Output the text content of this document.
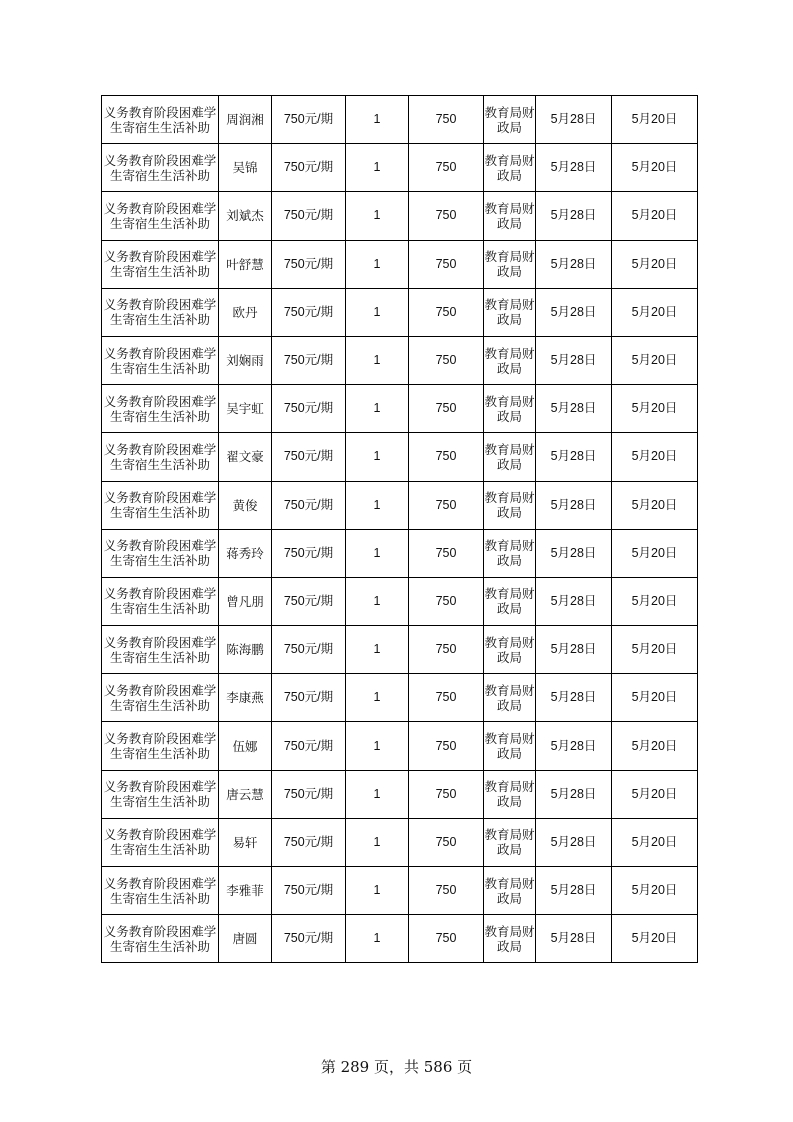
义务教育阶段困难学生寄宿生生活补助	周润湘	750元/期	1	750	教育局财政局	5月28日	5月20日
义务教育阶段困难学生寄宿生生活补助	吴锦	750元/期	1	750	教育局财政局	5月28日	5月20日
义务教育阶段困难学生寄宿生生活补助	刘斌杰	750元/期	1	750	教育局财政局	5月28日	5月20日
义务教育阶段困难学生寄宿生生活补助	叶舒慧	750元/期	1	750	教育局财政局	5月28日	5月20日
义务教育阶段困难学生寄宿生生活补助	欧丹	750元/期	1	750	教育局财政局	5月28日	5月20日
义务教育阶段困难学生寄宿生生活补助	刘娴雨	750元/期	1	750	教育局财政局	5月28日	5月20日
义务教育阶段困难学生寄宿生生活补助	吴宇虹	750元/期	1	750	教育局财政局	5月28日	5月20日
义务教育阶段困难学生寄宿生生活补助	翟文豪	750元/期	1	750	教育局财政局	5月28日	5月20日
义务教育阶段困难学生寄宿生生活补助	黄俊	750元/期	1	750	教育局财政局	5月28日	5月20日
义务教育阶段困难学生寄宿生生活补助	蒋秀玲	750元/期	1	750	教育局财政局	5月28日	5月20日
义务教育阶段困难学生寄宿生生活补助	曾凡朋	750元/期	1	750	教育局财政局	5月28日	5月20日
义务教育阶段困难学生寄宿生生活补助	陈海鹏	750元/期	1	750	教育局财政局	5月28日	5月20日
义务教育阶段困难学生寄宿生生活补助	李康燕	750元/期	1	750	教育局财政局	5月28日	5月20日
义务教育阶段困难学生寄宿生生活补助	伍娜	750元/期	1	750	教育局财政局	5月28日	5月20日
义务教育阶段困难学生寄宿生生活补助	唐云慧	750元/期	1	750	教育局财政局	5月28日	5月20日
义务教育阶段困难学生寄宿生生活补助	易轩	750元/期	1	750	教育局财政局	5月28日	5月20日
义务教育阶段困难学生寄宿生生活补助	李雅菲	750元/期	1	750	教育局财政局	5月28日	5月20日
义务教育阶段困难学生寄宿生生活补助	唐圆	750元/期	1	750	教育局财政局	5月28日	5月20日
第 289 页，共 586 页
